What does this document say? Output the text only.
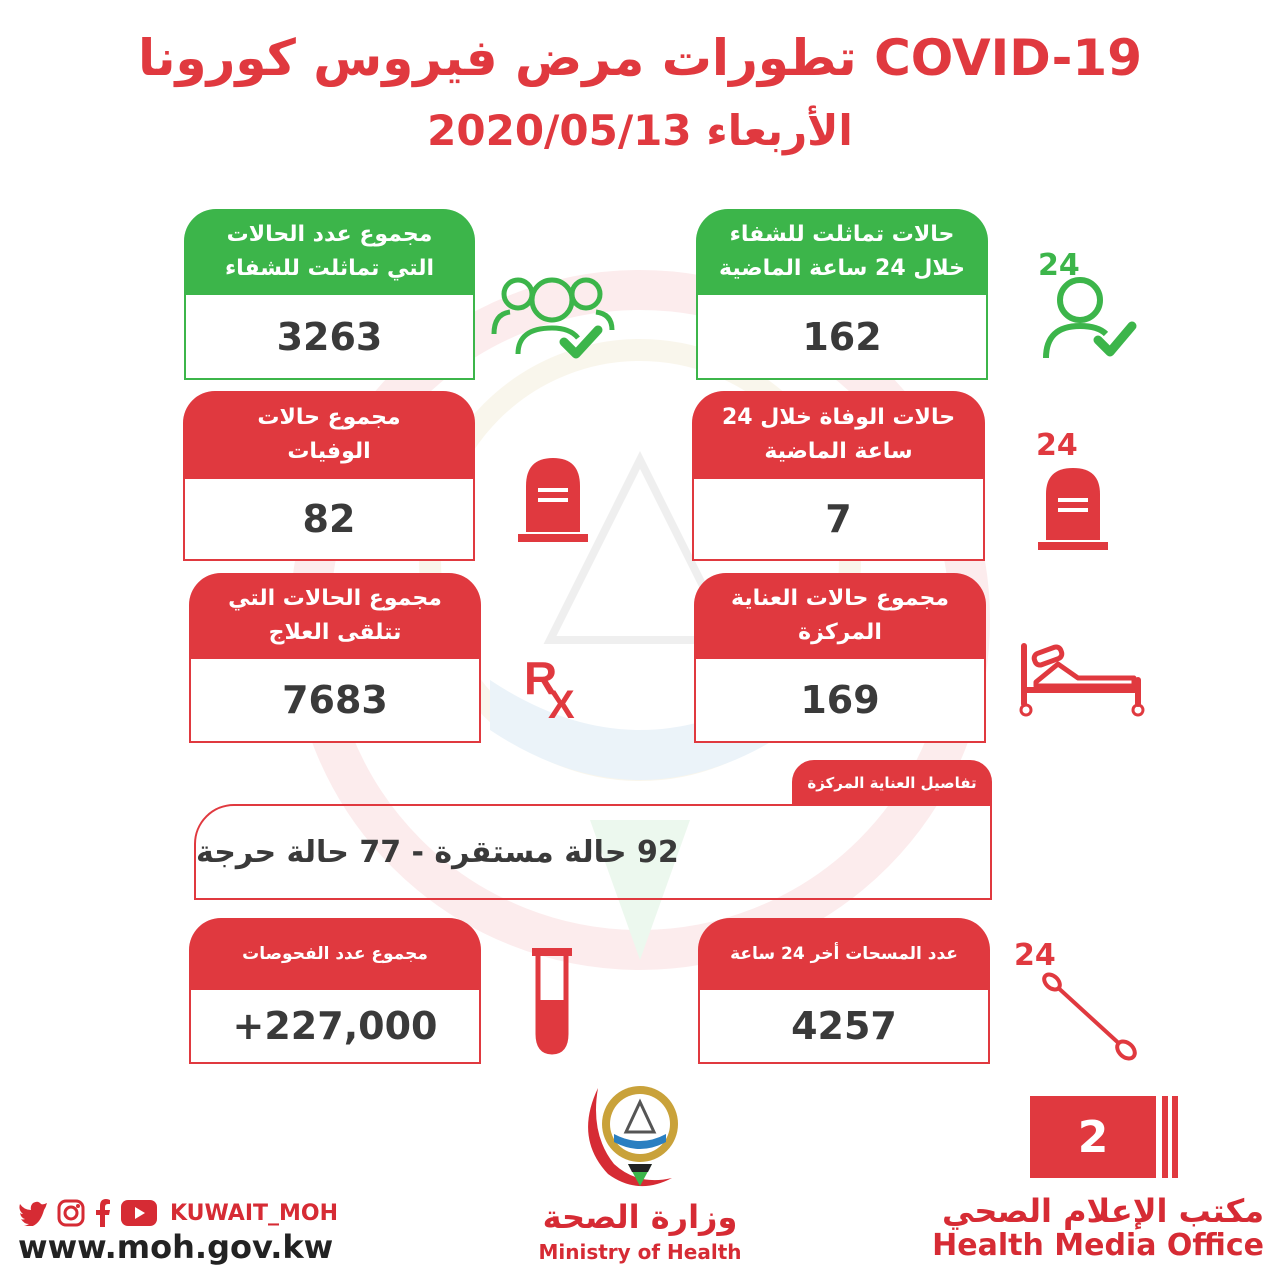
تطورات مرض فيروس كورونا COVID-19
الأربعاء 2020/05/13
مجموع عدد الحالات
التي تماثلت للشفاء
3263
حالات تماثلت للشفاء
خلال 24 ساعة الماضية
162
مجموع حالات
الوفيات
82
حالات الوفاة خلال 24
ساعة الماضية
7
مجموع الحالات التي
تتلقى العلاج
7683
مجموع حالات العناية
المركزة
169
تفاصيل العناية المركزة
92 حالة مستقرة - 77 حالة حرجة
مجموع عدد الفحوصات
+227,000
عدد المسحات أخر 24 ساعة
4257
24
24
R
X
24
KUWAIT_MOH
www.moh.gov.kw
وزارة الصحة
Ministry of Health
2
مكتب الإعلام الصحي
Health Media Office
